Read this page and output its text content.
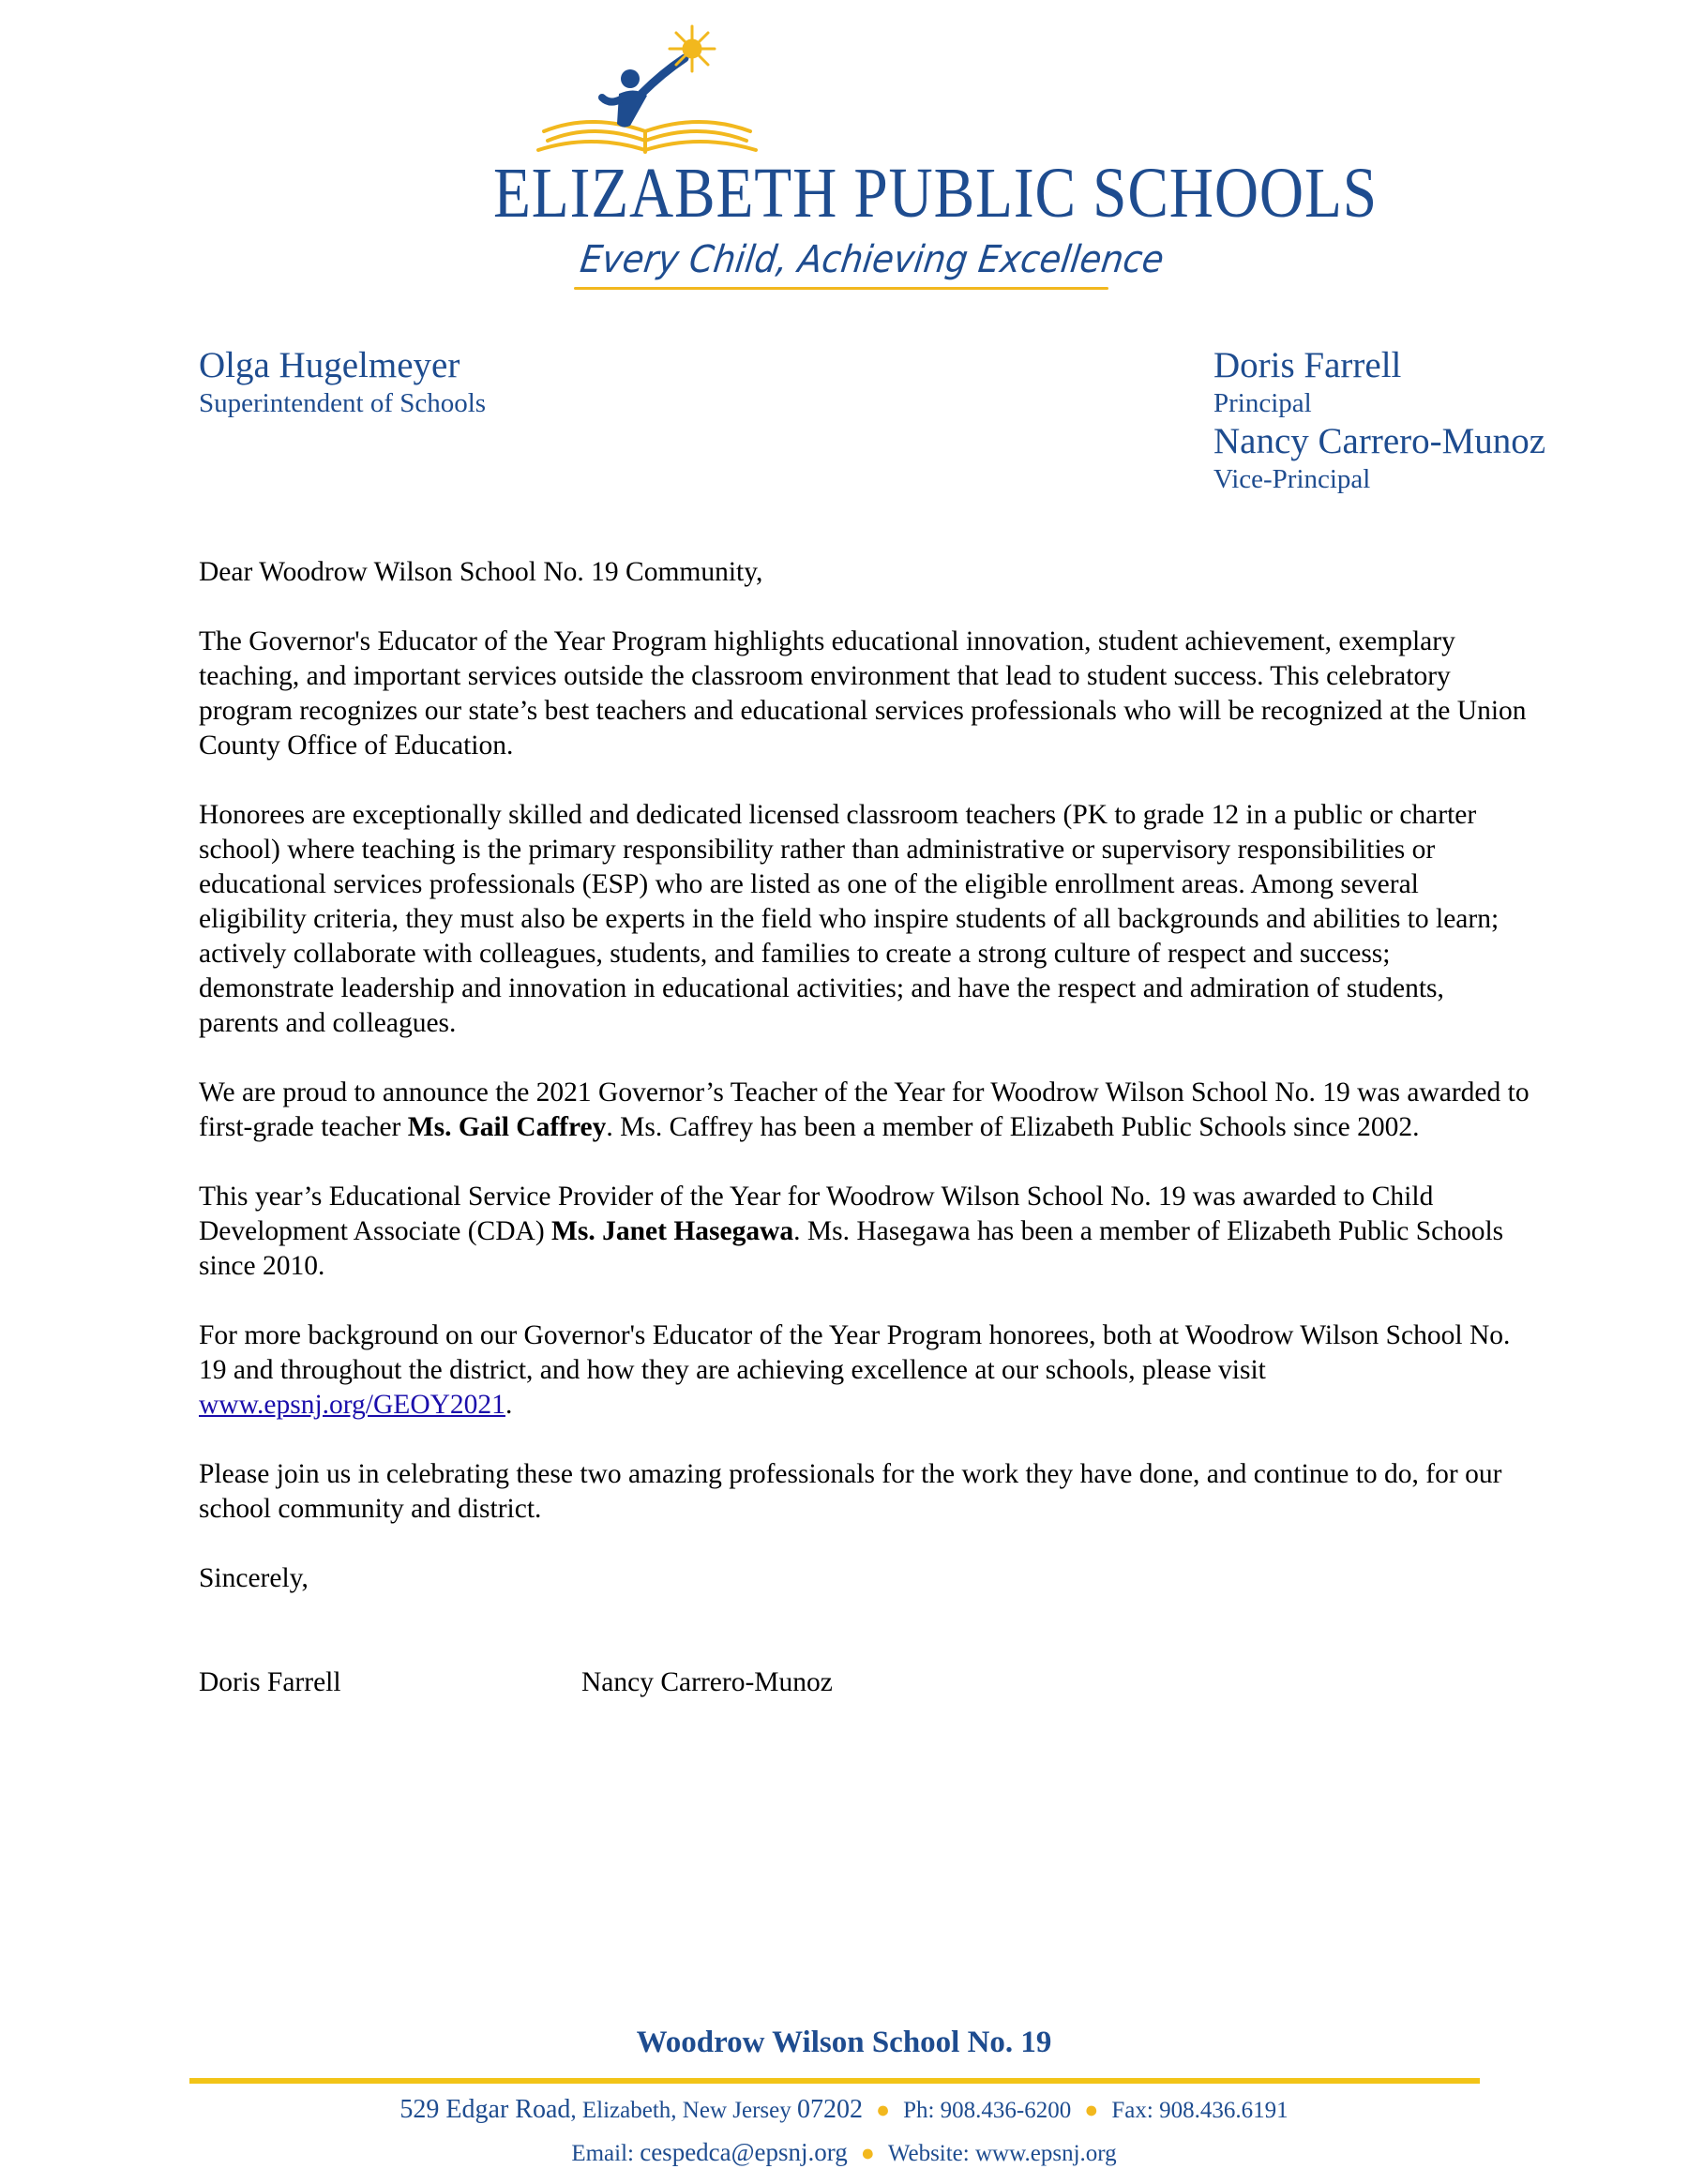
ELIZABETH PUBLIC SCHOOLS
Every Child, Achieving Excellence
Olga Hugelmeyer
Superintendent of Schools
Doris Farrell
Principal
Nancy Carrero-Munoz
Vice-Principal

Dear Woodrow Wilson School No. 19 Community,

The Governor's Educator of the Year Program highlights educational innovation, student achievement, exemplary teaching, and important services outside the classroom environment that lead to student success. This celebratory program recognizes our state’s best teachers and educational services professionals who will be recognized at the Union County Office of Education.

Honorees are exceptionally skilled and dedicated licensed classroom teachers (PK to grade 12 in a public or charter school) where teaching is the primary responsibility rather than administrative or supervisory responsibilities or educational services professionals (ESP) who are listed as one of the eligible enrollment areas. Among several eligibility criteria, they must also be experts in the field who inspire students of all backgrounds and abilities to learn; actively collaborate with colleagues, students, and families to create a strong culture of respect and success; demonstrate leadership and innovation in educational activities; and have the respect and admiration of students, parents and colleagues.

We are proud to announce the 2021 Governor’s Teacher of the Year for Woodrow Wilson School No. 19 was awarded to first-grade teacher Ms. Gail Caffrey. Ms. Caffrey has been a member of Elizabeth Public Schools since 2002.

This year’s Educational Service Provider of the Year for Woodrow Wilson School No. 19 was awarded to Child Development Associate (CDA) Ms. Janet Hasegawa. Ms. Hasegawa has been a member of Elizabeth Public Schools since 2010.

For more background on our Governor's Educator of the Year Program honorees, both at Woodrow Wilson School No. 19 and throughout the district, and how they are achieving excellence at our schools, please visit www.epsnj.org/GEOY2021.

Please join us in celebrating these two amazing professionals for the work they have done, and continue to do, for our school community and district.

Sincerely,

Doris Farrell	Nancy Carrero-Munoz
Woodrow Wilson School No. 19
529 Edgar Road, Elizabeth, New Jersey 07202 ● Ph: 908.436-6200 ● Fax: 908.436.6191
Email: cespedca@epsnj.org ● Website: www.epsnj.org
